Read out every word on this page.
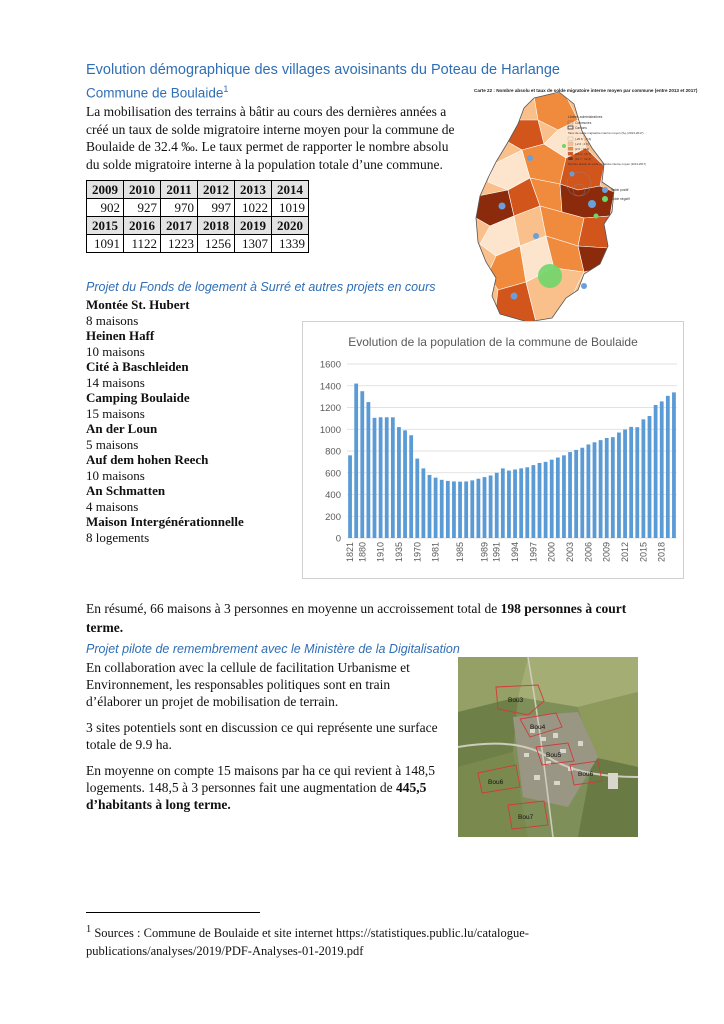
Evolution démographique des villages avoisinants du Poteau de Harlange
Commune de Boulaide$^1$
La mobilisation des terrains à bâtir au cours des dernières années a créé un taux de solde migratoire interne moyen pour la commune de Boulaide de 32.4 ‰. Le taux permet de rapporter le nombre absolu du solde migratoire interne à la population totale d’une commune.
2009	2010	2011	2012	2013	2014
902	927	970	997	1022	1019
2015	2016	2017	2018	2019	2020
1091	1122	1223	1256	1307	1339
Carte 22 : Nombre absolu et taux de solde migratoire interne moyen par commune (entre 2013 et 2017)
Limites administratives
Communes
Cantons
Taux de solde migratoire interne moyen (‰) (2013-2017)
[-20.6 ; -2.6]
[-2.6 ; 2.6]
[2.6 ; 10.3]
[10.3 ; 15.7]
[15.7 ; 32.4]
Nombre absolu de solde migratoire interne moyen (2013-2017)
Solde positif
Solde négatif
Projet du Fonds de logement à Surré et autres projets en cours
Montée St. Hubert
8 maisons
Heinen Haff
10 maisons
Cité à Baschleiden
14 maisons
Camping Boulaide
15 maisons
An der Loun
5 maisons
Auf dem hohen Reech
10 maisons
An Schmatten
4 maisons
Maison Intergénérationnelle
8 logements
Evolution de la population de la commune de Boulaide
0
200
400
600
800
1000
1200
1400
1600
1821 1880 1910 1935 1970 1981 1985 1989 1991 1994 1997 2000 2003 2006 2009 2012 2015 2018
En résumé, 66 maisons à 3 personnes en moyenne un accroissement total de 198 personnes à court terme.
Projet pilote de remembrement avec le Ministère de la Digitalisation

En collaboration avec la cellule de facilitation Urbanisme et Environnement, les responsables politiques sont en train d’élaborer un projet de mobilisation de terrain.

3 sites potentiels sont en discussion ce qui représente une surface totale de 9.9 ha.

En moyenne on compte 15 maisons par ha ce qui revient à 148,5 logements. 148,5 à 3 personnes fait une augmentation de 445,5 d’habitants à long terme.

Bou3
Bou4
Bou5
Bou6
Bou6
Bou7
$^1$ Sources : Commune de Boulaide et site internet https://statistiques.public.lu/catalogue-publications/analyses/2019/PDF-Analyses-01-2019.pdf
